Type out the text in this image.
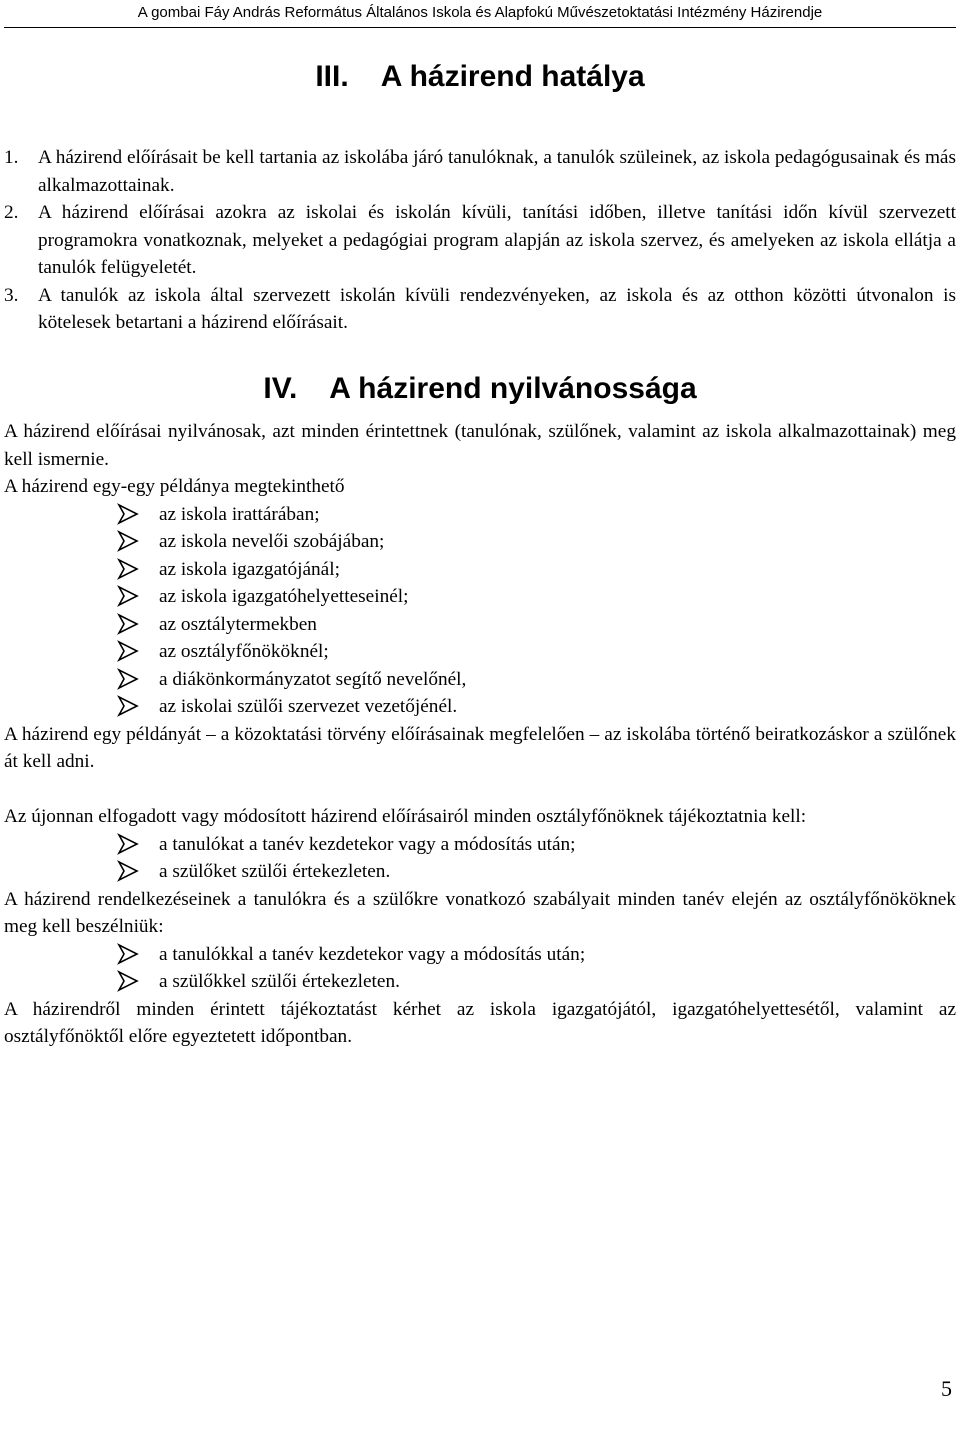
A gombai Fáy András Református Általános Iskola és Alapfokú Művészetoktatási Intézmény Házirendje
III. A házirend hatálya
1.	A házirend előírásait be kell tartania az iskolába járó tanulóknak, a tanulók szüleinek, az iskola pedagógusainak és más alkalmazottainak.
2.	A házirend előírásai azokra az iskolai és iskolán kívüli, tanítási időben, illetve tanítási időn kívül szervezett programokra vonatkoznak, melyeket a pedagógiai program alapján az iskola szervez, és amelyeken az iskola ellátja a tanulók felügyeletét.
3.	A tanulók az iskola által szervezett iskolán kívüli rendezvényeken, az iskola és az otthon közötti útvonalon is kötelesek betartani a házirend előírásait.
IV. A házirend nyilvánossága

A házirend előírásai nyilvánosak, azt minden érintettnek (tanulónak, szülőnek, valamint az iskola alkalmazottainak) meg kell ismernie.

A házirend egy-egy példánya megtekinthető

az iskola irattárában;
az iskola nevelői szobájában;
az iskola igazgatójánál;
az iskola igazgatóhelyetteseinél;
az osztálytermekben
az osztályfőnököknél;
a diákönkormányzatot segítő nevelőnél,
az iskolai szülői szervezet vezetőjénél.

A házirend egy példányát – a közoktatási törvény előírásainak megfelelően – az iskolába történő beiratkozáskor a szülőnek át kell adni.

Az újonnan elfogadott vagy módosított házirend előírásairól minden osztályfőnöknek tájékoztatnia kell:

a tanulókat a tanév kezdetekor vagy a módosítás után;
a szülőket szülői értekezleten.

A házirend rendelkezéseinek a tanulókra és a szülőkre vonatkozó szabályait minden tanév elején az osztályfőnököknek meg kell beszélniük:

a tanulókkal a tanév kezdetekor vagy a módosítás után;
a szülőkkel szülői értekezleten.

A házirendről minden érintett tájékoztatást kérhet az iskola igazgatójától, igazgatóhelyettesétől, valamint az osztályfőnöktől előre egyeztetett időpontban.

5
